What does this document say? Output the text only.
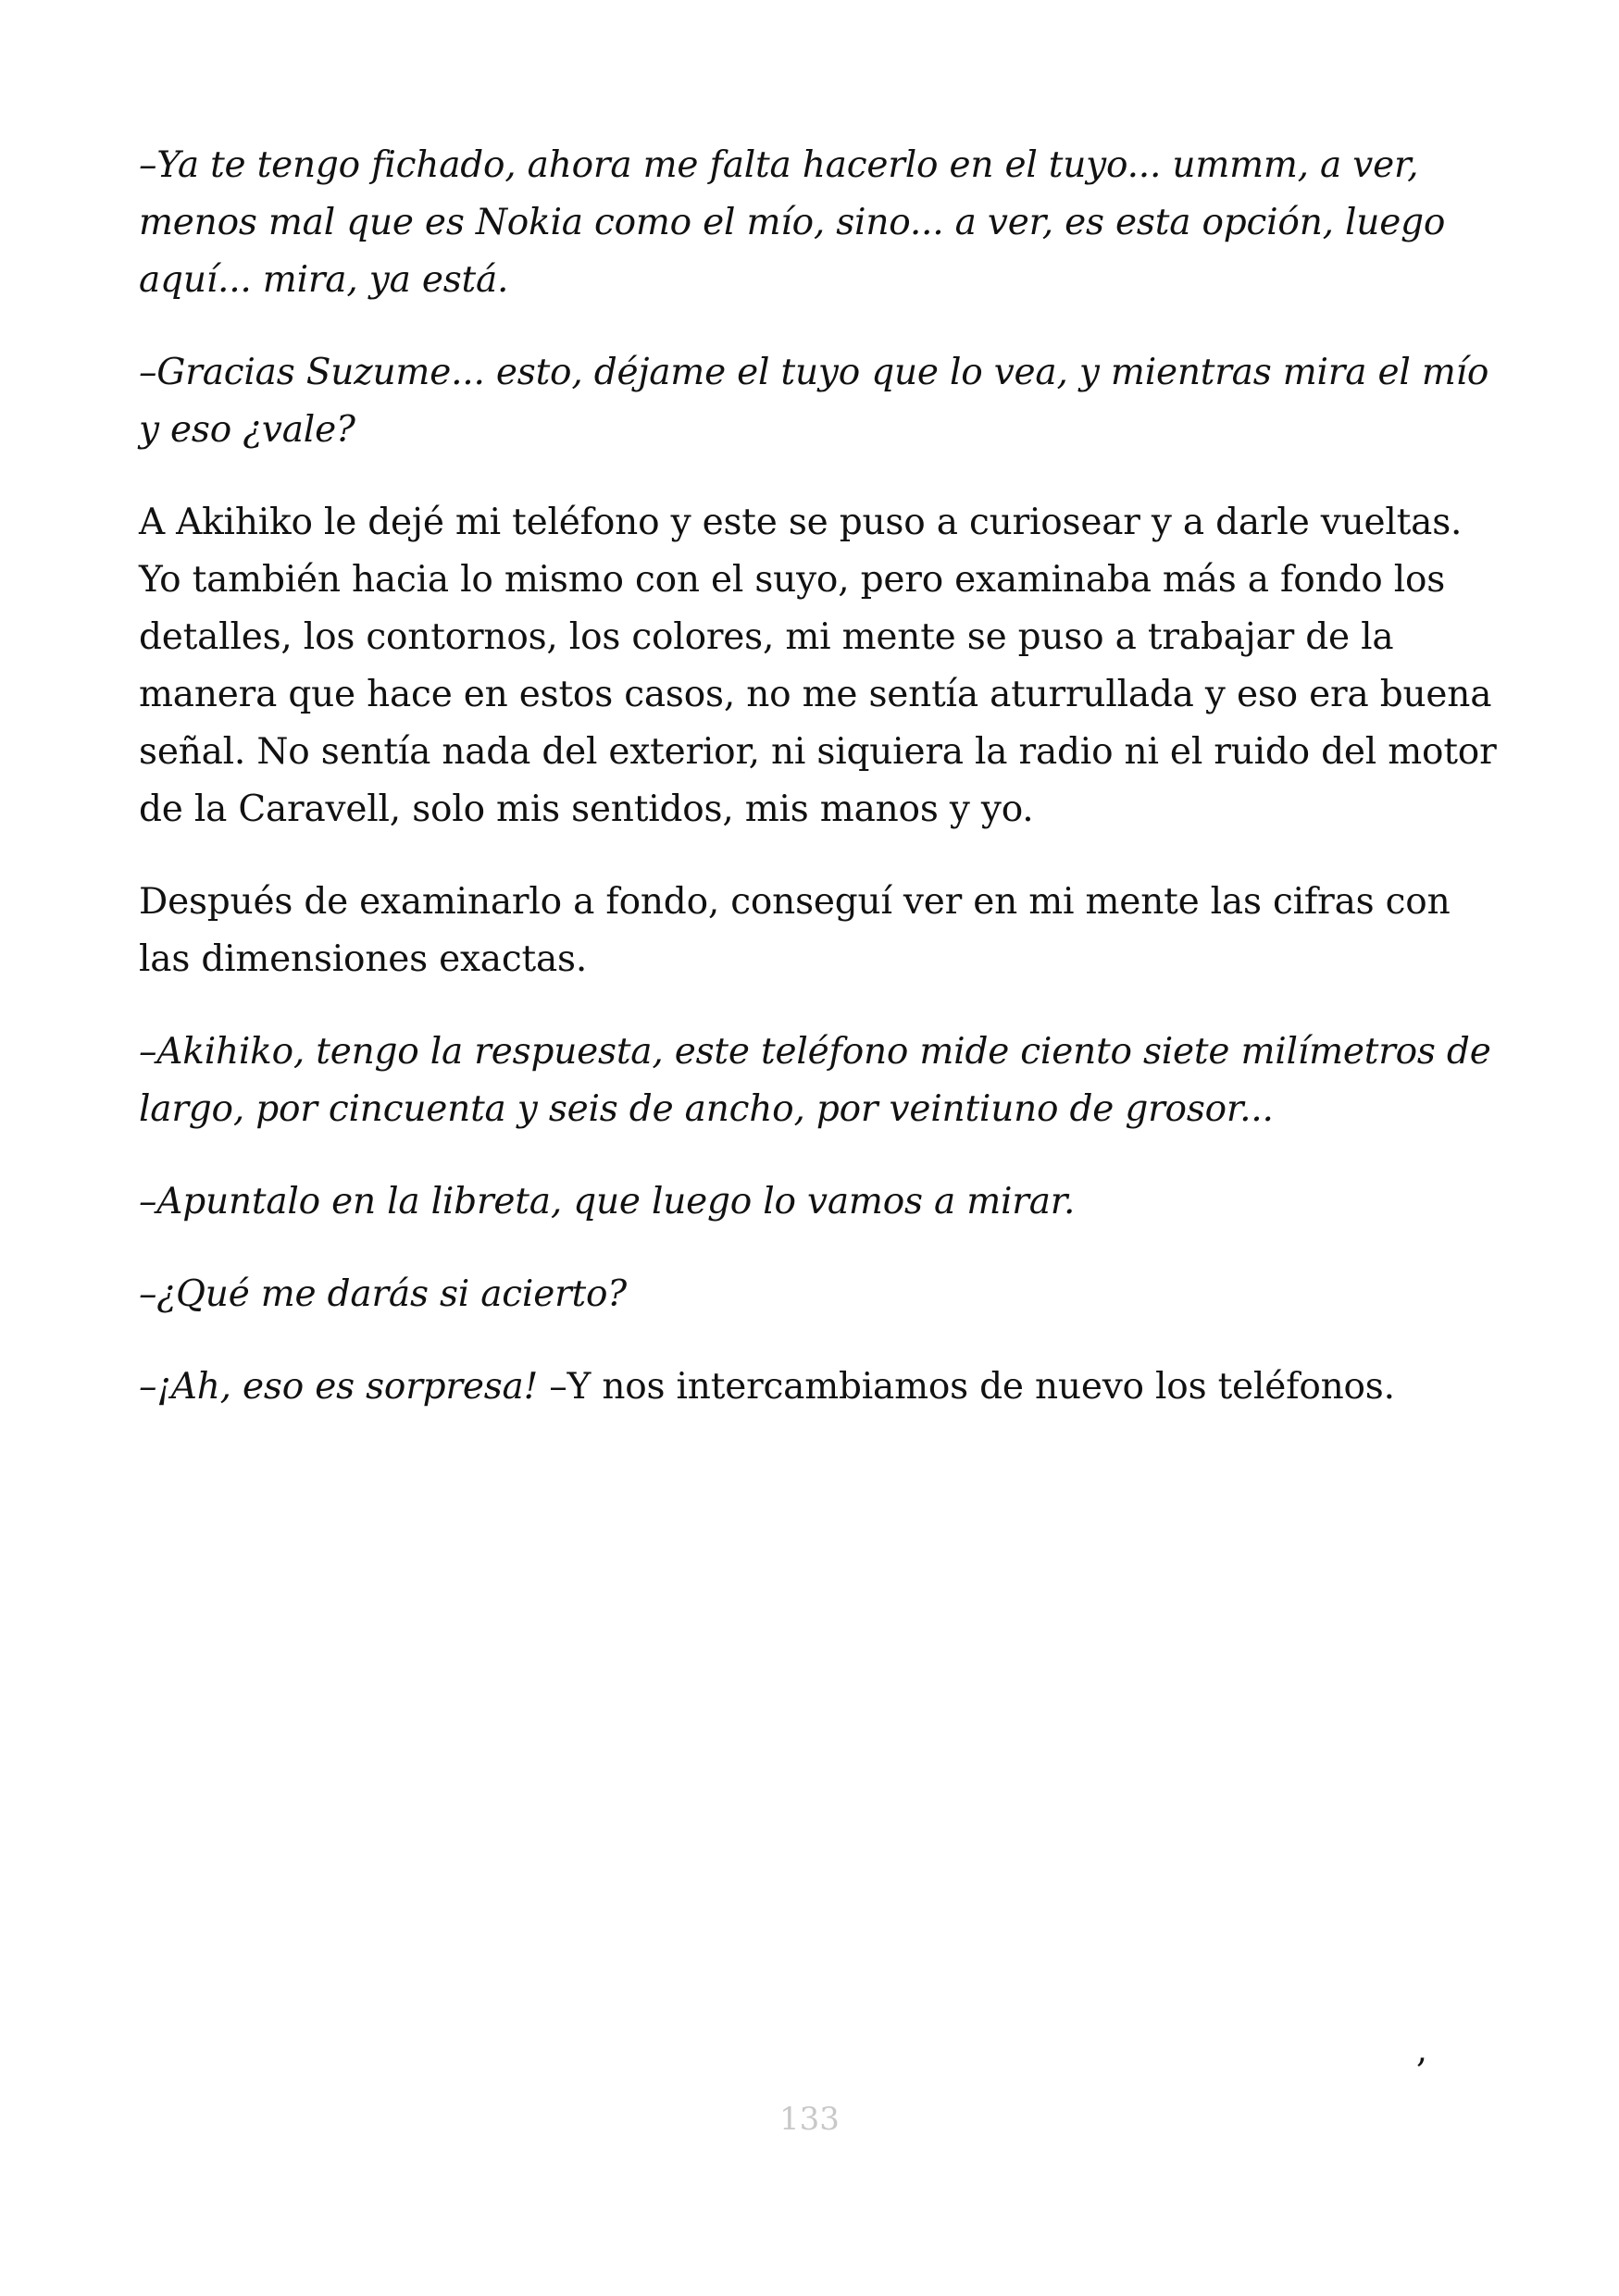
–Ya te tengo fichado, ahora me falta hacerlo en el tuyo... ummm, a ver, menos mal que es Nokia como el mío, sino... a ver, es esta opción, luego aquí... mira, ya está.

–Gracias Suzume... esto, déjame el tuyo que lo vea, y mientras mira el mío y eso ¿vale?

A Akihiko le dejé mi teléfono y este se puso a curiosear y a darle vueltas. Yo también hacia lo mismo con el suyo, pero examinaba más a fondo los detalles, los contornos, los colores, mi mente se puso a trabajar de la manera que hace en estos casos, no me sentía aturrullada y eso era buena señal. No sentía nada del exterior, ni siquiera la radio ni el ruido del motor de la Caravell, solo mis sentidos, mis manos y yo.

Después de examinarlo a fondo, conseguí ver en mi mente las cifras con las dimensiones exactas.

–Akihiko, tengo la respuesta, este teléfono mide ciento siete milímetros de largo, por cincuenta y seis de ancho, por veintiuno de grosor...

–Apuntalo en la libreta, que luego lo vamos a mirar.

–¿Qué me darás si acierto?

–¡Ah, eso es sorpresa! –Y nos intercambiamos de nuevo los teléfonos.

,
133
